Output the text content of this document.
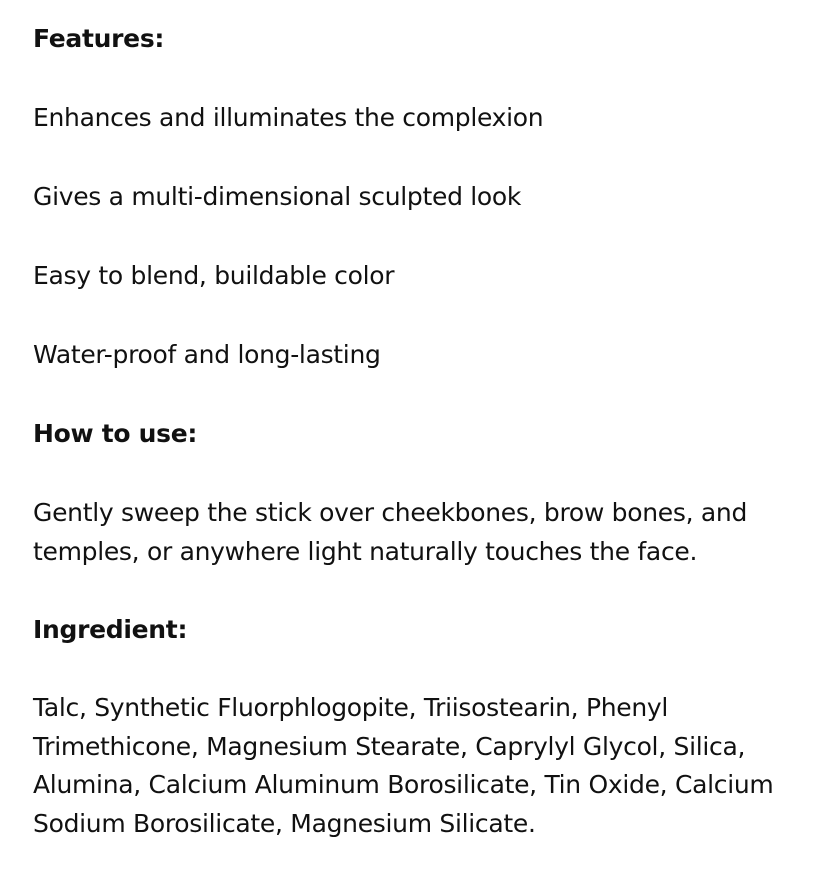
Features:
Enhances and illuminates the complexion
Gives a multi-dimensional sculpted look
Easy to blend, buildable color
Water-proof and long-lasting
How to use:
Gently sweep the stick over cheekbones, brow bones, and temples, or anywhere light naturally touches the face.
Ingredient:
Talc, Synthetic Fluorphlogopite, Triisostearin, Phenyl Trimethicone, Magnesium Stearate, Caprylyl Glycol, Silica, Alumina, Calcium Aluminum Borosilicate, Tin Oxide, Calcium Sodium Borosilicate, Magnesium Silicate.
